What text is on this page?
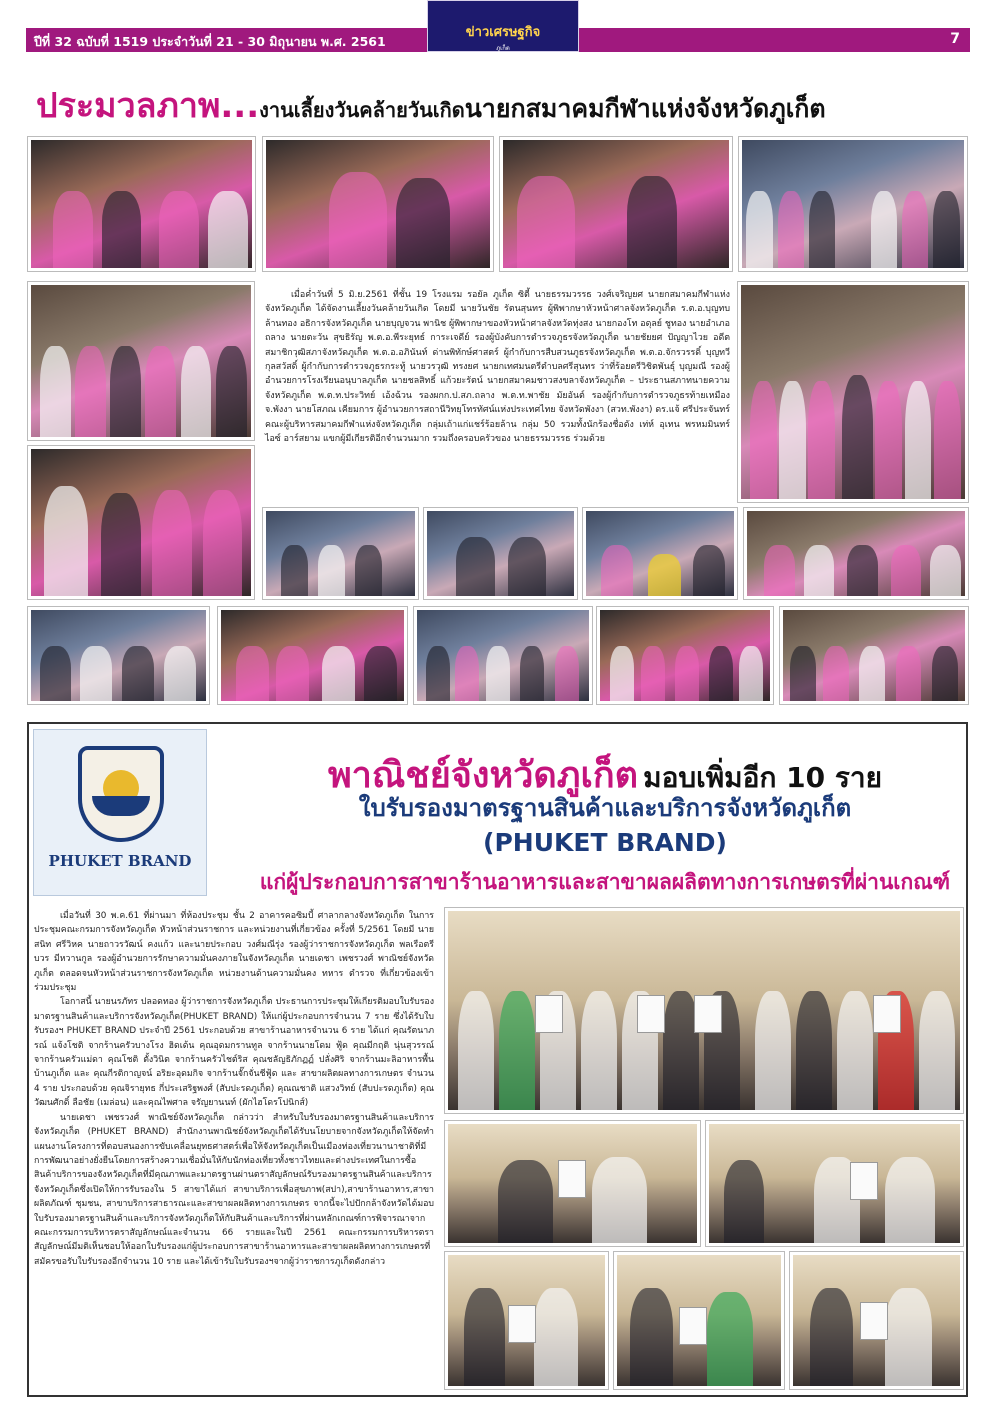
ปีที่ 32 ฉบับที่ 1519 ประจำวันที่ 21 - 30 มิถุนายน พ.ศ. 2561	7
ข่าวเศรษฐกิจ
ภูเก็ต
ประมวลภาพ...งานเลี้ยงวันคล้ายวันเกิดนายกสมาคมกีฬาแห่งจังหวัดภูเก็ต

เมื่อค่ำวันที่ 5 มิ.ย.2561 ที่ชั้น 19 โรงแรม รอยัล ภูเก็ต ซิตี้ นายธรรมวรรธ วงศ์เจริญยศ นายกสมาคมกีฬาแห่งจังหวัดภูเก็ต ได้จัดงานเลี้ยงวันคล้ายวันเกิด โดยมี นายวันชัย รัตนสุนทร ผู้พิพากษาหัวหน้าศาลจังหวัดภูเก็ต ร.ต.อ.บุญทบ ล้านทอง อธิการจังหวัดภูเก็ต นายบุญจวน พานิช ผู้พิพากษาของหัวหน้าศาลจังหวัดทุ่งสง นายกองโท อดุลย์ ชูทอง นายอำเภอถลาง นายตะวัน สุขธิรัญ พ.ต.อ.พีระยุทธ์ การะเจดีย์ รองผู้บังคับการตำรวจภูธรจังหวัดภูเก็ต นายชัยยศ ปัญญาไวย อดีตสมาชิกวุฒิสภาจังหวัดภูเก็ต พ.ต.อ.อภินันท์ ด่านพิทักษ์ศาสตร์ ผู้กำกับการสืบสวนภูธรจังหวัดภูเก็ต พ.ต.อ.จักรวรรดิ์ บุญทวีกุลสวัสดิ์ ผู้กำกับการตำรวจภูธรกระทู้ นายวรวุฒิ ทรงยศ นายกเทศมนตรีตำบลศรีสุนทร ว่าที่ร้อยตรีวิชิตพันธุ์ บุญมณี รองผู้อำนวยการโรงเรียนอนุบาลภูเก็ต นายชลสิทธิ์ แก้วยะรัตน์ นายกสมาคมชาวสงขลาจังหวัดภูเก็ต – ประธานสภาทนายความจังหวัดภูเก็ต พ.ต.ท.ประวิทย์ เอ้งฉ้วน รองผกก.ป.สภ.ถลาง พ.ต.ท.พาชัย มัยอันต์ รองผู้กำกับการตำรวจภูธรท้ายเหมือง จ.พังงา นายโสภณ เคียมการ ผู้อำนวยการสถานีวิทยุโทรทัศน์แห่งประเทศไทย จังหวัดพังงา (สวท.พังงา) ดร.แจ้ ศรีประจันทร์ คณะผู้บริหารสมาคมกีฬาแห่งจังหวัดภูเก็ต กลุ่มเถ้าแก่แชร์ร้อยล้าน กลุ่ม 50 รวมทั้งนักร้องชื่อดัง เท่ห์ อุเทน พรหมมินทร์ ไอซ์ อาร์สยาม แขกผู้มีเกียรติอีกจำนวนมาก รวมถึงครอบครัวของ นายธรรมวรรธ ร่วมด้วย

PHUKET BRAND
พาณิชย์จังหวัดภูเก็ต มอบเพิ่มอีก 10 ราย
ใบรับรองมาตรฐานสินค้าและบริการจังหวัดภูเก็ต
(PHUKET BRAND)
แก่ผู้ประกอบการสาขาร้านอาหารและสาขาผลผลิตทางการเกษตรที่ผ่านเกณฑ์

เมื่อวันที่ 30 พ.ค.61 ที่ผ่านมา ที่ห้องประชุม ชั้น 2 อาคารคอซิมบี้ ศาลากลางจังหวัดภูเก็ต ในการประชุมคณะกรมการจังหวัดภูเก็ต หัวหน้าส่วนราชการ และหน่วยงานที่เกี่ยวข้อง ครั้งที่ 5/2561 โดยมี นายสนิท ศรีวิหค นายถาวรวัฒน์ คงแก้ว และนายประกอบ วงศ์มณีรุ่ง รองผู้ว่าราชการจังหวัดภูเก็ต พลเรือตรี บวร มีหวานกูล รองผู้อำนวยการรักษาความมั่นคงภายในจังหวัดภูเก็ต นายเดชา เพชรวงศ์ พาณิชย์จังหวัดภูเก็ต ตลอดจนหัวหน้าส่วนราชการจังหวัดภูเก็ต หน่วยงานด้านความมั่นคง ทหาร ตำรวจ ที่เกี่ยวข้องเข้าร่วมประชุม

โอกาสนี้ นายนรภัทร ปลอดทอง ผู้ว่าราชการจังหวัดภูเก็ต ประธานการประชุมให้เกียรติมอบใบรับรองมาตรฐานสินค้าและบริการจังหวัดภูเก็ต(PHUKET BRAND) ให้แก่ผู้ประกอบการจำนวน 7 ราย ซึ่งได้รับใบรับรองฯ PHUKET BRAND ประจำปี 2561 ประกอบด้วย สาขาร้านอาหารจำนวน 6 ราย ได้แก่ คุณรัตนาภรณ์ แจ้งโชติ จากร้านครัวบางโรง ฮิดเด้น คุณอุดมกรานทูล จากร้านนายโดม ฟู้ด คุณมีกฤติ นุ่นสุวรรณ์ จากร้านครัวแม่ดา คุณโชติ ตั้งวินิต จากร้านครัวไชต์ริส คุณชลัญธิภักฏฏ์ ปลั่งศิริ จากร้านมะลิอาหารพื้นบ้านภูเก็ต และ คุณกีรติกาญจน์ อริยะอุดมกิจ จากร้านจั๊กจั่นชีฟู้ด และ สาขาผลิตผลทางการเกษตร จำนวน 4 ราย ประกอบด้วย คุณจิรายุทธ กี่ประเสริฐพงศ์ (สับปะรดภูเก็ต) คุณณชาติ แสวงวิทย์ (สับปะรดภูเก็ต) คุณวัฒนศักดิ์ ลือชัย (เมล่อน) และคุณไพศาล จรัญยานนท์ (ผักไฮโดรโปนิกส์)

นายเดชา เพชรวงศ์ พาณิชย์จังหวัดภูเก็ต กล่าวว่า สำหรับใบรับรองมาตรฐานสินค้าและบริการจังหวัดภูเก็ต (PHUKET BRAND) สำนักงานพาณิชย์จังหวัดภูเก็ตได้รับนโยบายจากจังหวัดภูเก็ตให้จัดทำแผนงานโครงการที่ตอบสนองการขับเคลื่อนยุทธศาสตร์เพื่อให้จังหวัดภูเก็ตเป็นเมืองท่องเที่ยวนานาชาติที่มีการพัฒนาอย่างยั่งยืนโดยการสร้างความเชื่อมั่นให้กับนักท่องเที่ยวทั้งชาวไทยและต่างประเทศในการซื้อสินค้าบริการของจังหวัดภูเก็ตที่มีคุณภาพและมาตรฐานผ่านตราสัญลักษณ์รับรองมาตรฐานสินค้าและบริการจังหวัดภูเก็ตซึ่งเปิดให้การรับรองใน 5 สาขาได้แก่ สาขาบริการเพื่อสุขภาพ(สปา),สาขาร้านอาหาร,สาขาผลิตภัณฑ์ ชุมชน, สาขาบริการสาธารณะและสาขาผลผลิตทางการเกษตร จากนี้จะไปปักกล้าจังหวัดได้มอบใบรับรองมาตรฐานสินค้าและบริการจังหวัดภูเก็ตให้กับสินค้าและบริการที่ผ่านหลักเกณฑ์การพิจารณาจากคณะกรรมการบริหารตราสัญลักษณ์และจำนวน 66 รายและในปี 2561 คณะกรรมการบริหารตราสัญลักษณ์มีมติเห็นชอบให้ออกใบรับรองแก่ผู้ประกอบการสาขาร้านอาหารและสาขาผลผลิตทางการเกษตรที่สมัครขอรับใบรับรองอีกจำนวน 10 ราย และได้เข้ารับใบรับรองฯจากผู้ว่าราชการภูเก็ตดังกล่าว
